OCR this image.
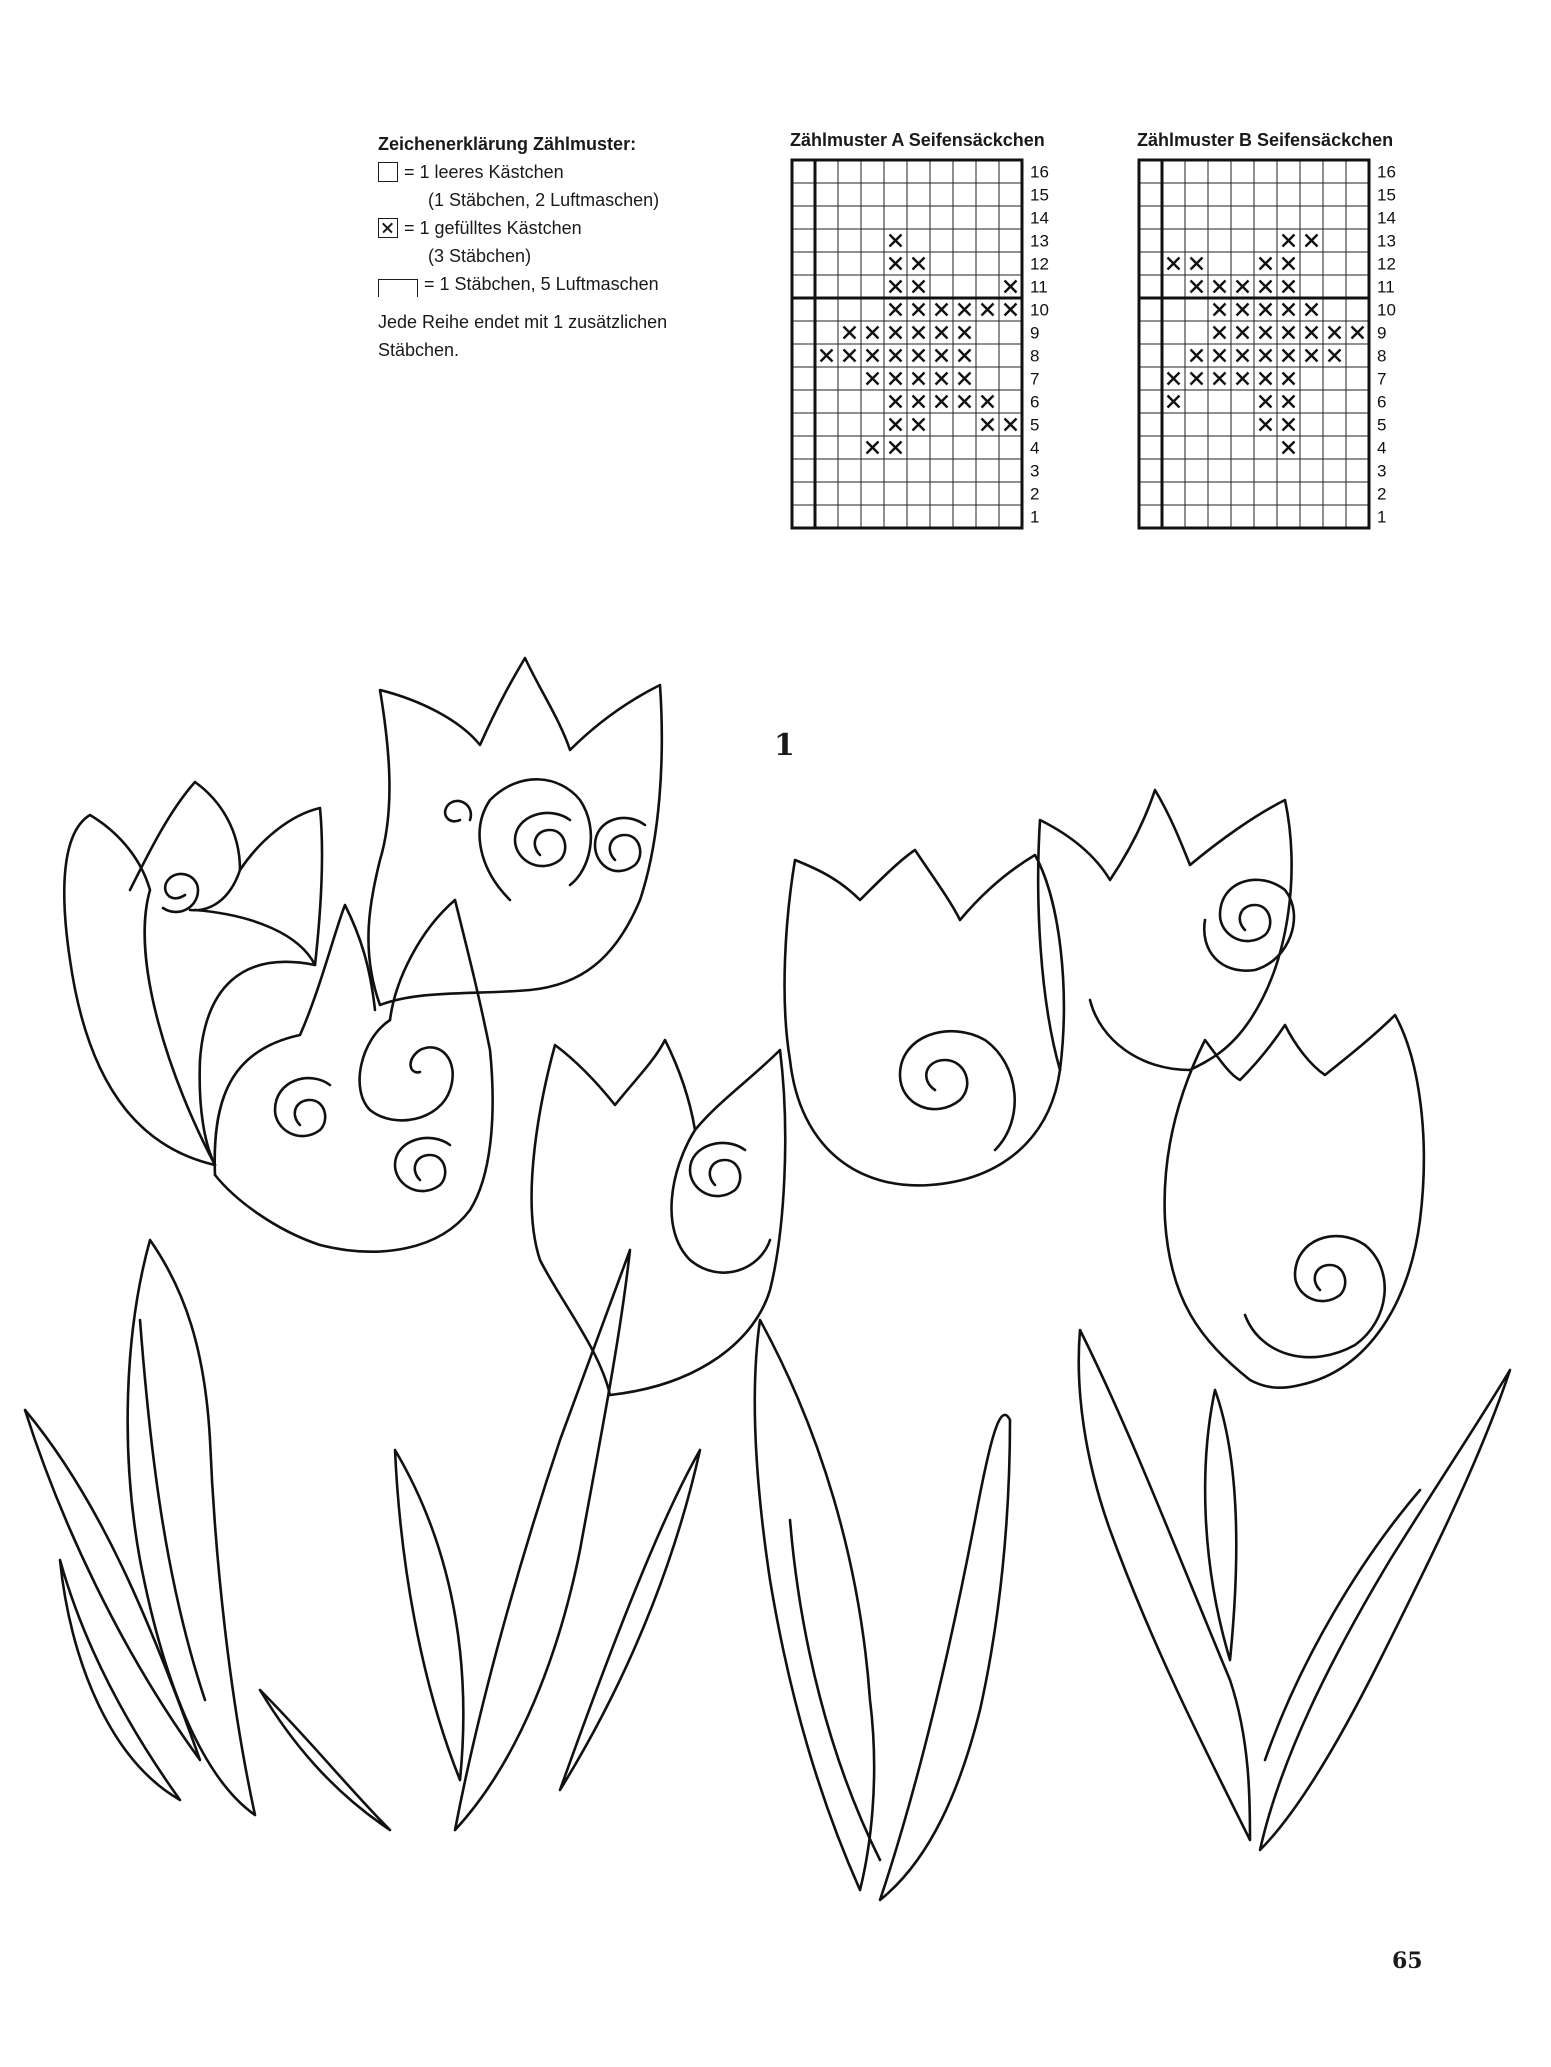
Zeichenerklärung Zählmuster:
= 1 leeres Kästchen
(1 Stäbchen, 2 Luftmaschen)
= 1 gefülltes Kästchen
(3 Stäbchen)
= 1 Stäbchen, 5 Luftmaschen
Jede Reihe endet mit 1 zusätzlichen
Stäbchen.
Zählmuster A Seifensäckchen
16
15
14
13
12
11
10
9
8
7
6
5
4
3
2
1
Zählmuster B Seifensäckchen
16
15
14
13
12
11
10
9
8
7
6
5
4
3
2
1
1
65
